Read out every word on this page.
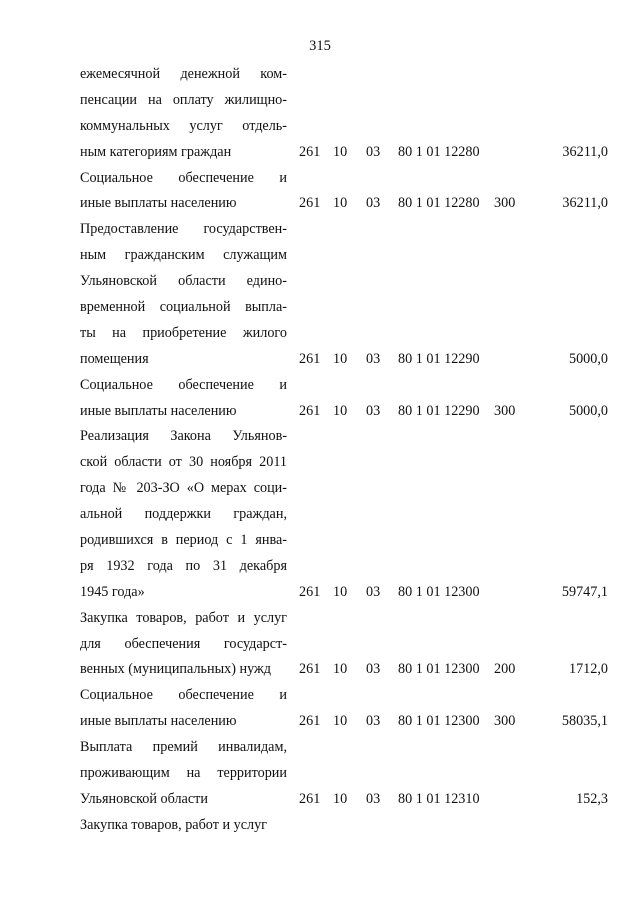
315
ежемесячной денежной ком-
пенсации на оплату жилищно-
коммунальных услуг отдель-
ным категориям граждан	261 10 03 80 1 01 12280	36211,0
Социальное обеспечение и
иные выплаты населению	261 10 03 80 1 01 12280 300	36211,0
Предоставление государствен-
ным гражданским служащим
Ульяновской области едино-
временной социальной выпла-
ты на приобретение жилого
помещения	261 10 03 80 1 01 12290	5000,0
Социальное обеспечение и
иные выплаты населению	261 10 03 80 1 01 12290 300	5000,0
Реализация Закона Ульянов-
ской области от 30 ноября 2011
года № 203-ЗО «О мерах соци-
альной поддержки граждан,
родившихся в период с 1 янва-
ря 1932 года по 31 декабря
1945 года»	261 10 03 80 1 01 12300	59747,1
Закупка товаров, работ и услуг
для обеспечения государст-
венных (муниципальных) нужд	261 10 03 80 1 01 12300 200	1712,0
Социальное обеспечение и
иные выплаты населению	261 10 03 80 1 01 12300 300	58035,1
Выплата премий инвалидам,
проживающим на территории
Ульяновской области	261 10 03 80 1 01 12310	152,3
Закупка товаров, работ и услуг
